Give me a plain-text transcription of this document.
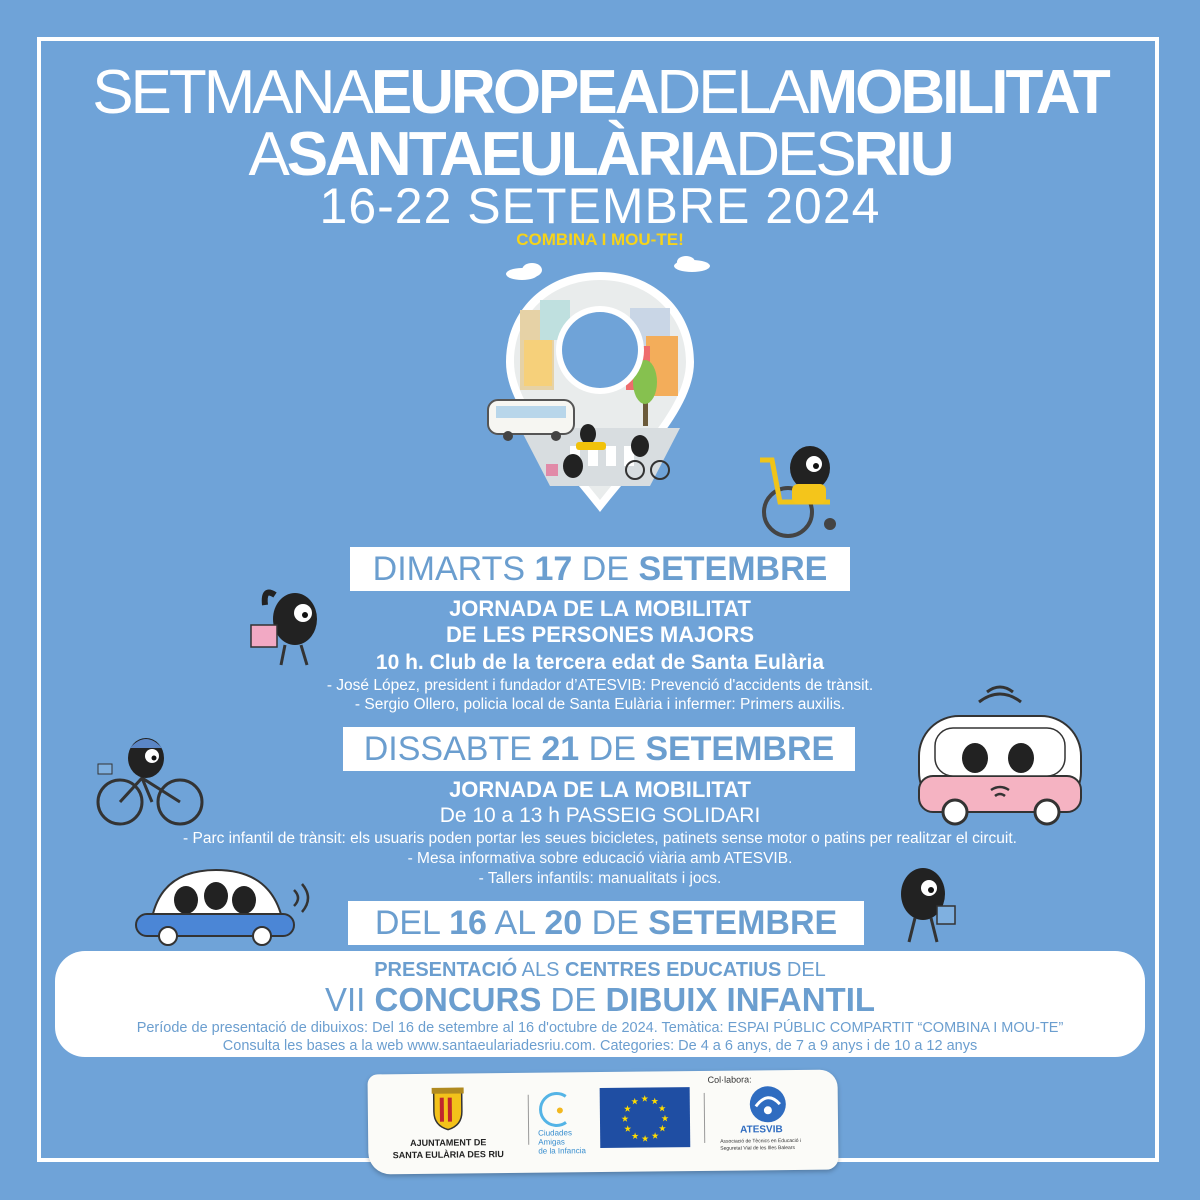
SETMANAEUROPEADELAMOBILITAT
ASANTAEULÀRIADESRIU
16-22 SETEMBRE 2024
COMBINA I MOU-TE!
DIMARTS 17 DE SETEMBRE
JORNADA DE LA MOBILITAT
DE LES PERSONES MAJORS
10 h. Club de la tercera edat de Santa Eulària
- José López, president i fundador d’ATESVIB: Prevenció d'accidents de trànsit.
- Sergio Ollero, policia local de Santa Eulària i infermer: Primers auxilis.
DISSABTE 21 DE SETEMBRE
JORNADA DE LA MOBILITAT
De 10 a 13 h PASSEIG SOLIDARI
- Parc infantil de trànsit: els usuaris poden portar les seues bicicletes, patinets sense motor o patins per realitzar el circuit.
- Mesa informativa sobre educació viària amb ATESVIB.
- Tallers infantils: manualitats i jocs.
DEL 16 AL 20 DE SETEMBRE
PRESENTACIÓ ALS CENTRES EDUCATIUS DEL
VII CONCURS DE DIBUIX INFANTIL
Període de presentació de dibuixos: Del 16 de setembre al 16 d'octubre de 2024. Temàtica: ESPAI PÚBLIC COMPARTIT “COMBINA I MOU-TE”
Consulta les bases a la web www.santaeulariadesriu.com. Categories: De 4 a 6 anys, de 7 a 9 anys i de 10 a 12 anys
AJUNTAMENT DE
SANTA EULÀRIA DES RIU
Ciudades
Amigas
de la Infancia
★ ★
★
★
★
★
★
★
★
★
★
★
Col·labora:
ATESVIB
Associació de Tècnics en Educació i
Seguretat Vial de les Illes Balears
